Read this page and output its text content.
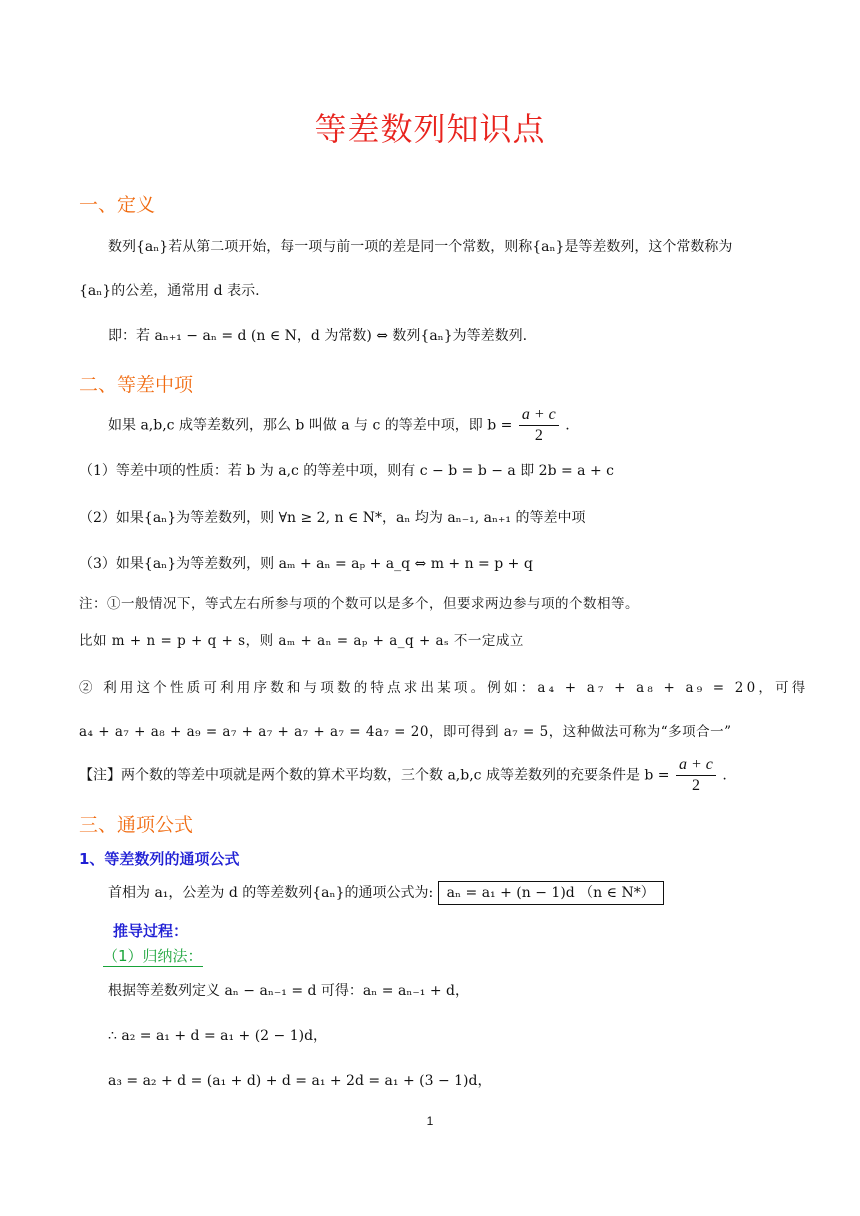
等差数列知识点
一、定义
数列{aₙ}若从第二项开始，每一项与前一项的差是同一个常数，则称{aₙ}是等差数列，这个常数称为
{aₙ}的公差，通常用 d 表示.
即：若 aₙ₊₁ − aₙ = d (n ∈ N，d 为常数) ⇔ 数列{aₙ}为等差数列.
二、等差中项
如果 a,b,c 成等差数列，那么 b 叫做 a 与 c 的等差中项，即 $b = \frac{a + c}{2}$ .
（1）等差中项的性质：若 b 为 a,c 的等差中项，则有 c − b = b − a 即 2b = a + c
（2）如果{aₙ}为等差数列，则 ∀n ≥ 2, n ∈ N*，aₙ 均为 aₙ₋₁, aₙ₊₁ 的等差中项
（3）如果{aₙ}为等差数列，则 aₘ + aₙ = aₚ + a_q ⇔ m + n = p + q
注：①一般情况下，等式左右所参与项的个数可以是多个，但要求两边参与项的个数相等。
比如 m + n = p + q + s，则 aₘ + aₙ = aₚ + a_q + aₛ 不一定成立
② 利用这个性质可利用序数和与项数的特点求出某项。例如：a₄ + a₇ + a₈ + a₉ = 20，可得
a₄ + a₇ + a₈ + a₉ = a₇ + a₇ + a₇ + a₇ = 4a₇ = 20，即可得到 a₇ = 5，这种做法可称为“多项合一”
【注】两个数的等差中项就是两个数的算术平均数，三个数 a,b,c 成等差数列的充要条件是 $b = \frac{a + c}{2}$ .
三、通项公式
1、等差数列的通项公式
首相为 a₁，公差为 d 的等差数列{aₙ}的通项公式为: aₙ = a₁ + (n − 1)d （n ∈ N*）
推导过程：
（1）归纳法：
根据等差数列定义 aₙ − aₙ₋₁ = d 可得：aₙ = aₙ₋₁ + d，
∴ a₂ = a₁ + d = a₁ + (2 − 1)d，
a₃ = a₂ + d = (a₁ + d) + d = a₁ + 2d = a₁ + (3 − 1)d，
1
